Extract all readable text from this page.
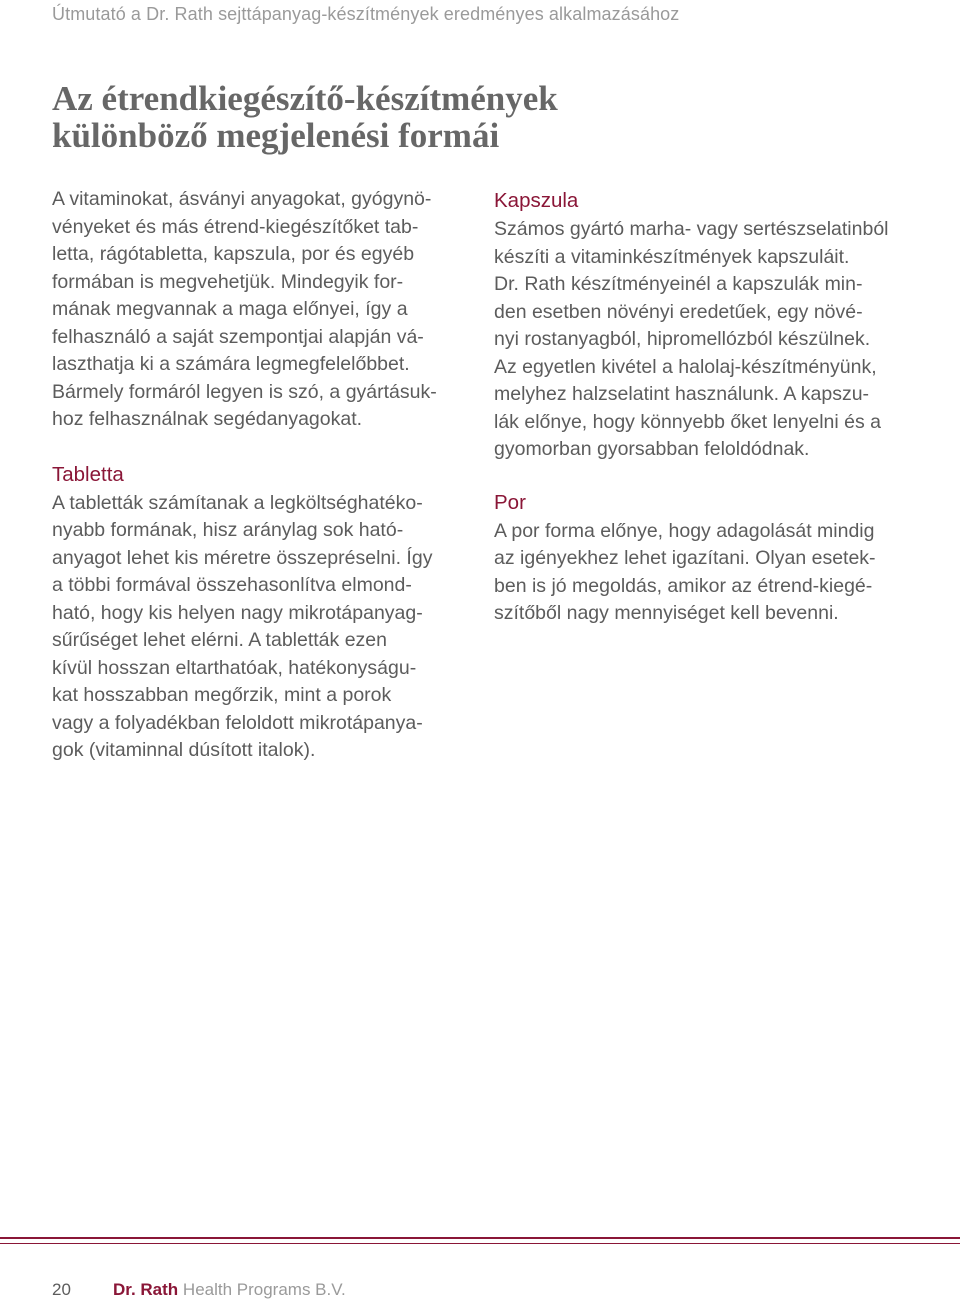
Útmutató a Dr. Rath sejttápanyag-készítmények eredményes alkalmazásához
Az étrendkiegészítő-készítmények
különböző megjelenési formái

A vitaminokat, ásványi anyagokat, gyógynö-
vényeket és más étrend-kiegészítőket tab-
letta, rágótabletta, kapszula, por és egyéb
formában is megvehetjük. Mindegyik for-
mának megvannak a maga előnyei, így a
felhasználó a saját szempontjai alapján vá-
laszthatja ki a számára legmegfelelőbbet.
Bármely formáról legyen is szó, a gyártásuk-
hoz felhasználnak segédanyagokat.

Tabletta

A tabletták számítanak a legköltséghatéko-
nyabb formának, hisz aránylag sok ható-
anyagot lehet kis méretre összepréselni. Így
a többi formával összehasonlítva elmond-
ható, hogy kis helyen nagy mikrotápanyag-
sűrűséget lehet elérni. A tabletták ezen
kívül hosszan eltarthatóak, hatékonyságu-
kat hosszabban megőrzik, mint a porok
vagy a folyadékban feloldott mikrotápanya-
gok (vitaminnal dúsított italok).

Kapszula

Számos gyártó marha- vagy sertészselatinból
készíti a vitaminkészítmények kapszuláit.
Dr. Rath készítményeinél a kapszulák min-
den esetben növényi eredetűek, egy növé-
nyi rostanyagból, hipromellózból készülnek.
Az egyetlen kivétel a halolaj-készítményünk,
melyhez halzselatint használunk. A kapszu-
lák előnye, hogy könnyebb őket lenyelni és a
gyomorban gyorsabban feloldódnak.

Por

A por forma előnye, hogy adagolását mindig
az igényekhez lehet igazítani. Olyan esetek-
ben is jó megoldás, amikor az étrend-kiegé-
szítőből nagy mennyiséget kell bevenni.

20 Dr. Rath Health Programs B.V.
